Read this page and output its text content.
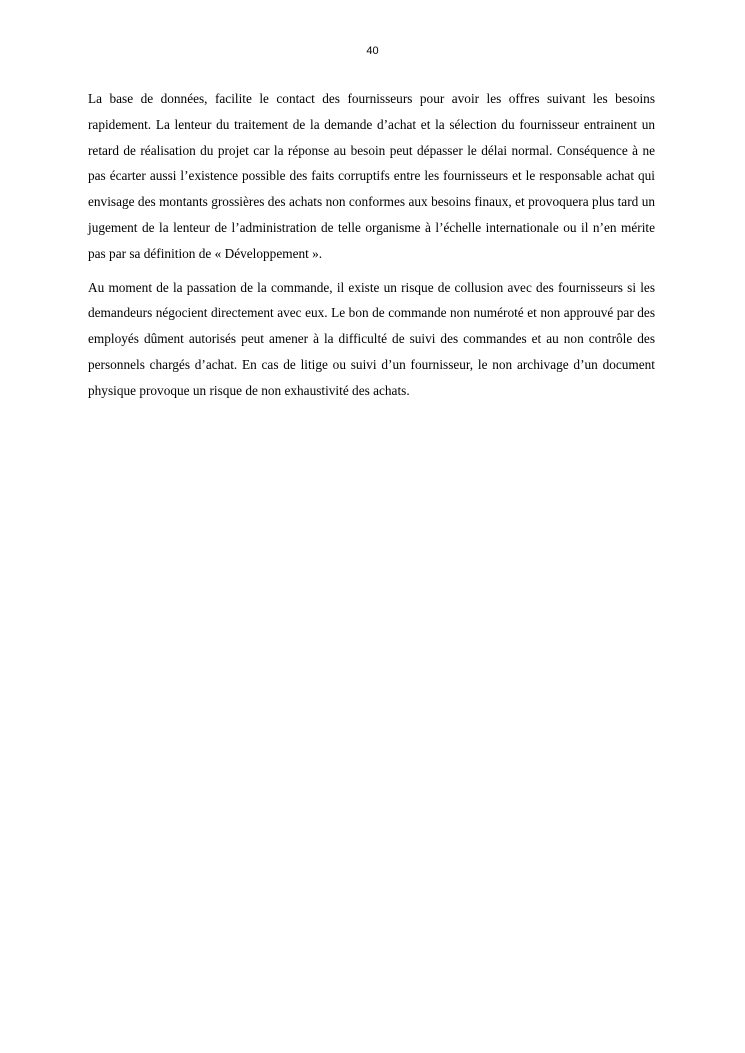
40

La base de données, facilite le contact des fournisseurs pour avoir les offres suivant les besoins rapidement. La lenteur du traitement de la demande d’achat et la sélection du fournisseur entrainent un retard de réalisation du projet car la réponse au besoin peut dépasser le délai normal. Conséquence à ne pas écarter aussi l’existence possible des faits corruptifs entre les fournisseurs et le responsable achat qui envisage des montants grossières des achats non conformes aux besoins finaux, et provoquera plus tard un jugement de la lenteur de l’administration de telle organisme à l’échelle internationale ou il n’en mérite pas par sa définition de « Développement ».

Au moment de la passation de la commande, il existe un risque de collusion avec des fournisseurs si les demandeurs négocient directement avec eux. Le bon de commande non numéroté et non approuvé par des employés dûment autorisés peut amener à la difficulté de suivi des commandes et au non contrôle des personnels chargés d’achat. En cas de litige ou suivi d’un fournisseur, le non archivage d’un document physique provoque un risque de non exhaustivité des achats.
